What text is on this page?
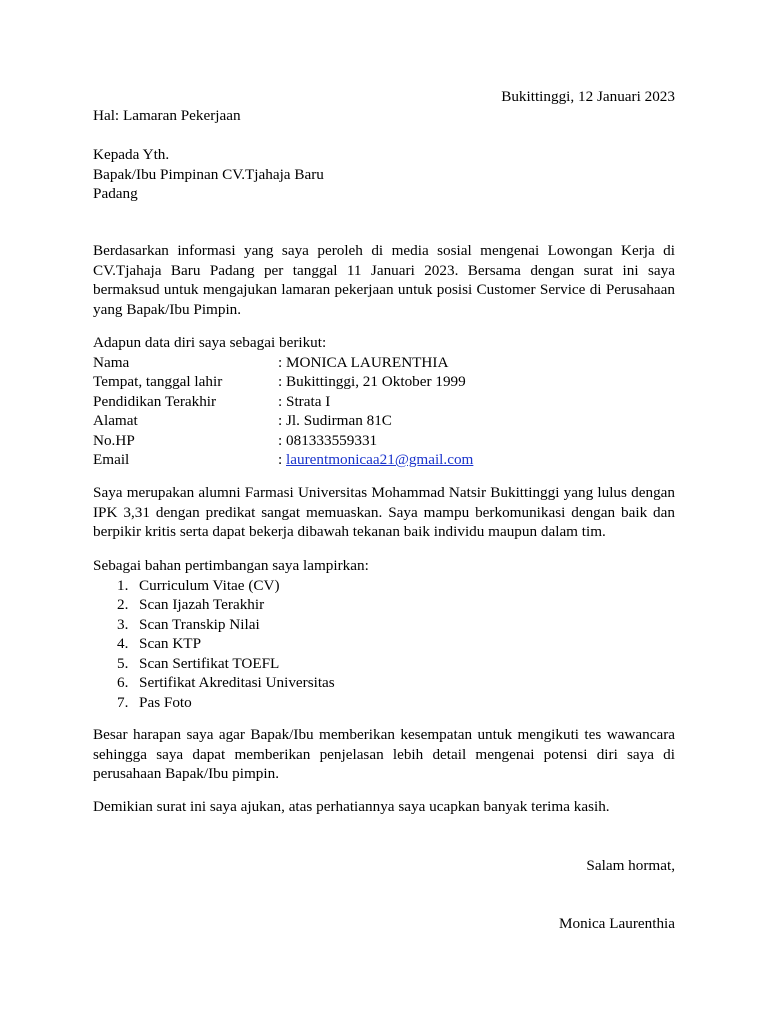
Bukittinggi, 12 Januari 2023

Hal: Lamaran Pekerjaan

Kepada Yth.

Bapak/Ibu Pimpinan CV.Tjahaja Baru

Padang

Berdasarkan informasi yang saya peroleh di media sosial mengenai Lowongan Kerja di CV.Tjahaja Baru Padang per tanggal 11 Januari 2023. Bersama dengan surat ini saya bermaksud untuk mengajukan lamaran pekerjaan untuk posisi Customer Service di Perusahaan yang Bapak/Ibu Pimpin.

Adapun data diri saya sebagai berikut:

Nama	: MONICA LAURENTHIA
Tempat, tanggal lahir	: Bukittinggi, 21 Oktober 1999
Pendidikan Terakhir	: Strata I
Alamat	: Jl. Sudirman 81C
No.HP	: 081333559331
Email	: laurentmonicaa21@gmail.com

Saya merupakan alumni Farmasi Universitas Mohammad Natsir Bukittinggi yang lulus dengan IPK 3,31 dengan predikat sangat memuaskan. Saya mampu berkomunikasi dengan baik dan berpikir kritis serta dapat bekerja dibawah tekanan baik individu maupun dalam tim.

Sebagai bahan pertimbangan saya lampirkan:

1. Curriculum Vitae (CV)
2. Scan Ijazah Terakhir
3. Scan Transkip Nilai
4. Scan KTP
5. Scan Sertifikat TOEFL
6. Sertifikat Akreditasi Universitas
7. Pas Foto

Besar harapan saya agar Bapak/Ibu memberikan kesempatan untuk mengikuti tes wawancara sehingga saya dapat memberikan penjelasan lebih detail mengenai potensi diri saya di perusahaan Bapak/Ibu pimpin.

Demikian surat ini saya ajukan, atas perhatiannya saya ucapkan banyak terima kasih.

Salam hormat,

Monica Laurenthia
